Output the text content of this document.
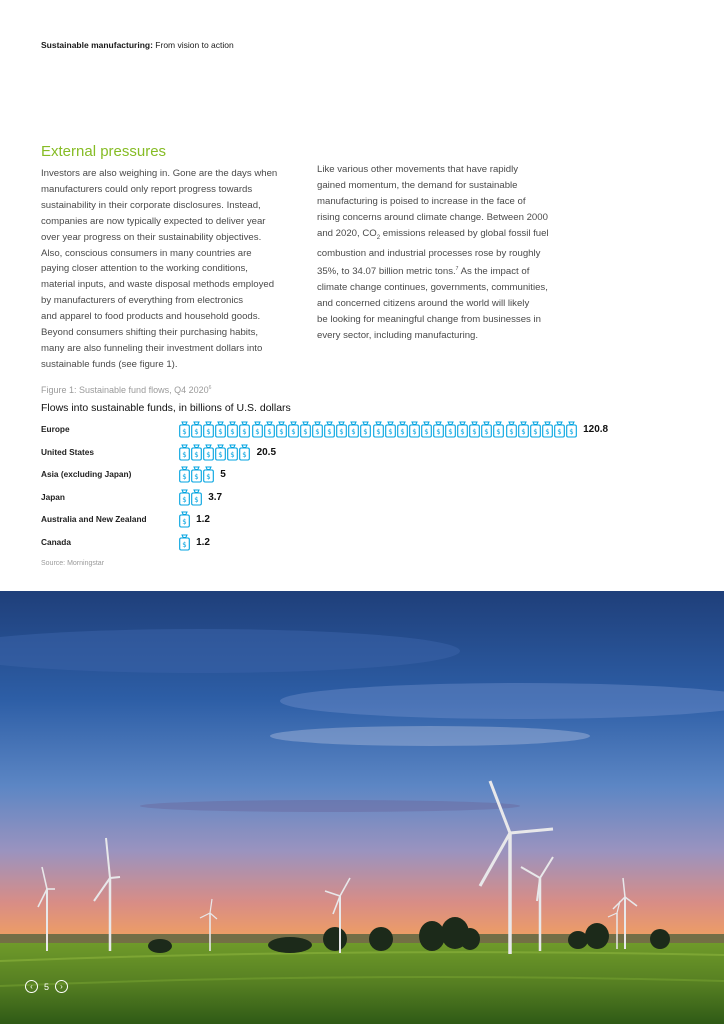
Sustainable manufacturing: From vision to action
External pressures
Investors are also weighing in. Gone are the days when
manufacturers could only report progress towards
sustainability in their corporate disclosures. Instead,
companies are now typically expected to deliver year
over year progress on their sustainability objectives.
Also, conscious consumers in many countries are
paying closer attention to the working conditions,
material inputs, and waste disposal methods employed
by manufacturers of everything from electronics
and apparel to food products and household goods.
Beyond consumers shifting their purchasing habits,
many are also funneling their investment dollars into
sustainable funds (see figure 1).
Like various other movements that have rapidly
gained momentum, the demand for sustainable
manufacturing is poised to increase in the face of
rising concerns around climate change. Between 2000
and 2020, $CO_2$ emissions released by global fossil fuel
combustion and industrial processes rose by roughly
35%, to 34.07 billion metric tons.$^7$ As the impact of
climate change continues, governments, communities,
and concerned citizens around the world will likely
be looking for meaningful change from businesses in
every sector, including manufacturing.
Figure 1: Sustainable fund flows, Q4 2020$^6$
Flows into sustainable funds, in billions of U.S. dollars
Europe	$ $ $ $ $ $ $ $ $ $ $ $ $ $ $ $ $ $ $ $ $ $ $ $ $ $ $ $ $ $ $ $ $ 120.8
United States	$ $ $ $ $ $ 20.5
Asia (excluding Japan)	$ $ $ 5
Japan	$ $ 3.7
Australia and New Zealand	$ 1.2
Canada	$ 1.2
Source: Morningstar
‹	5	›
